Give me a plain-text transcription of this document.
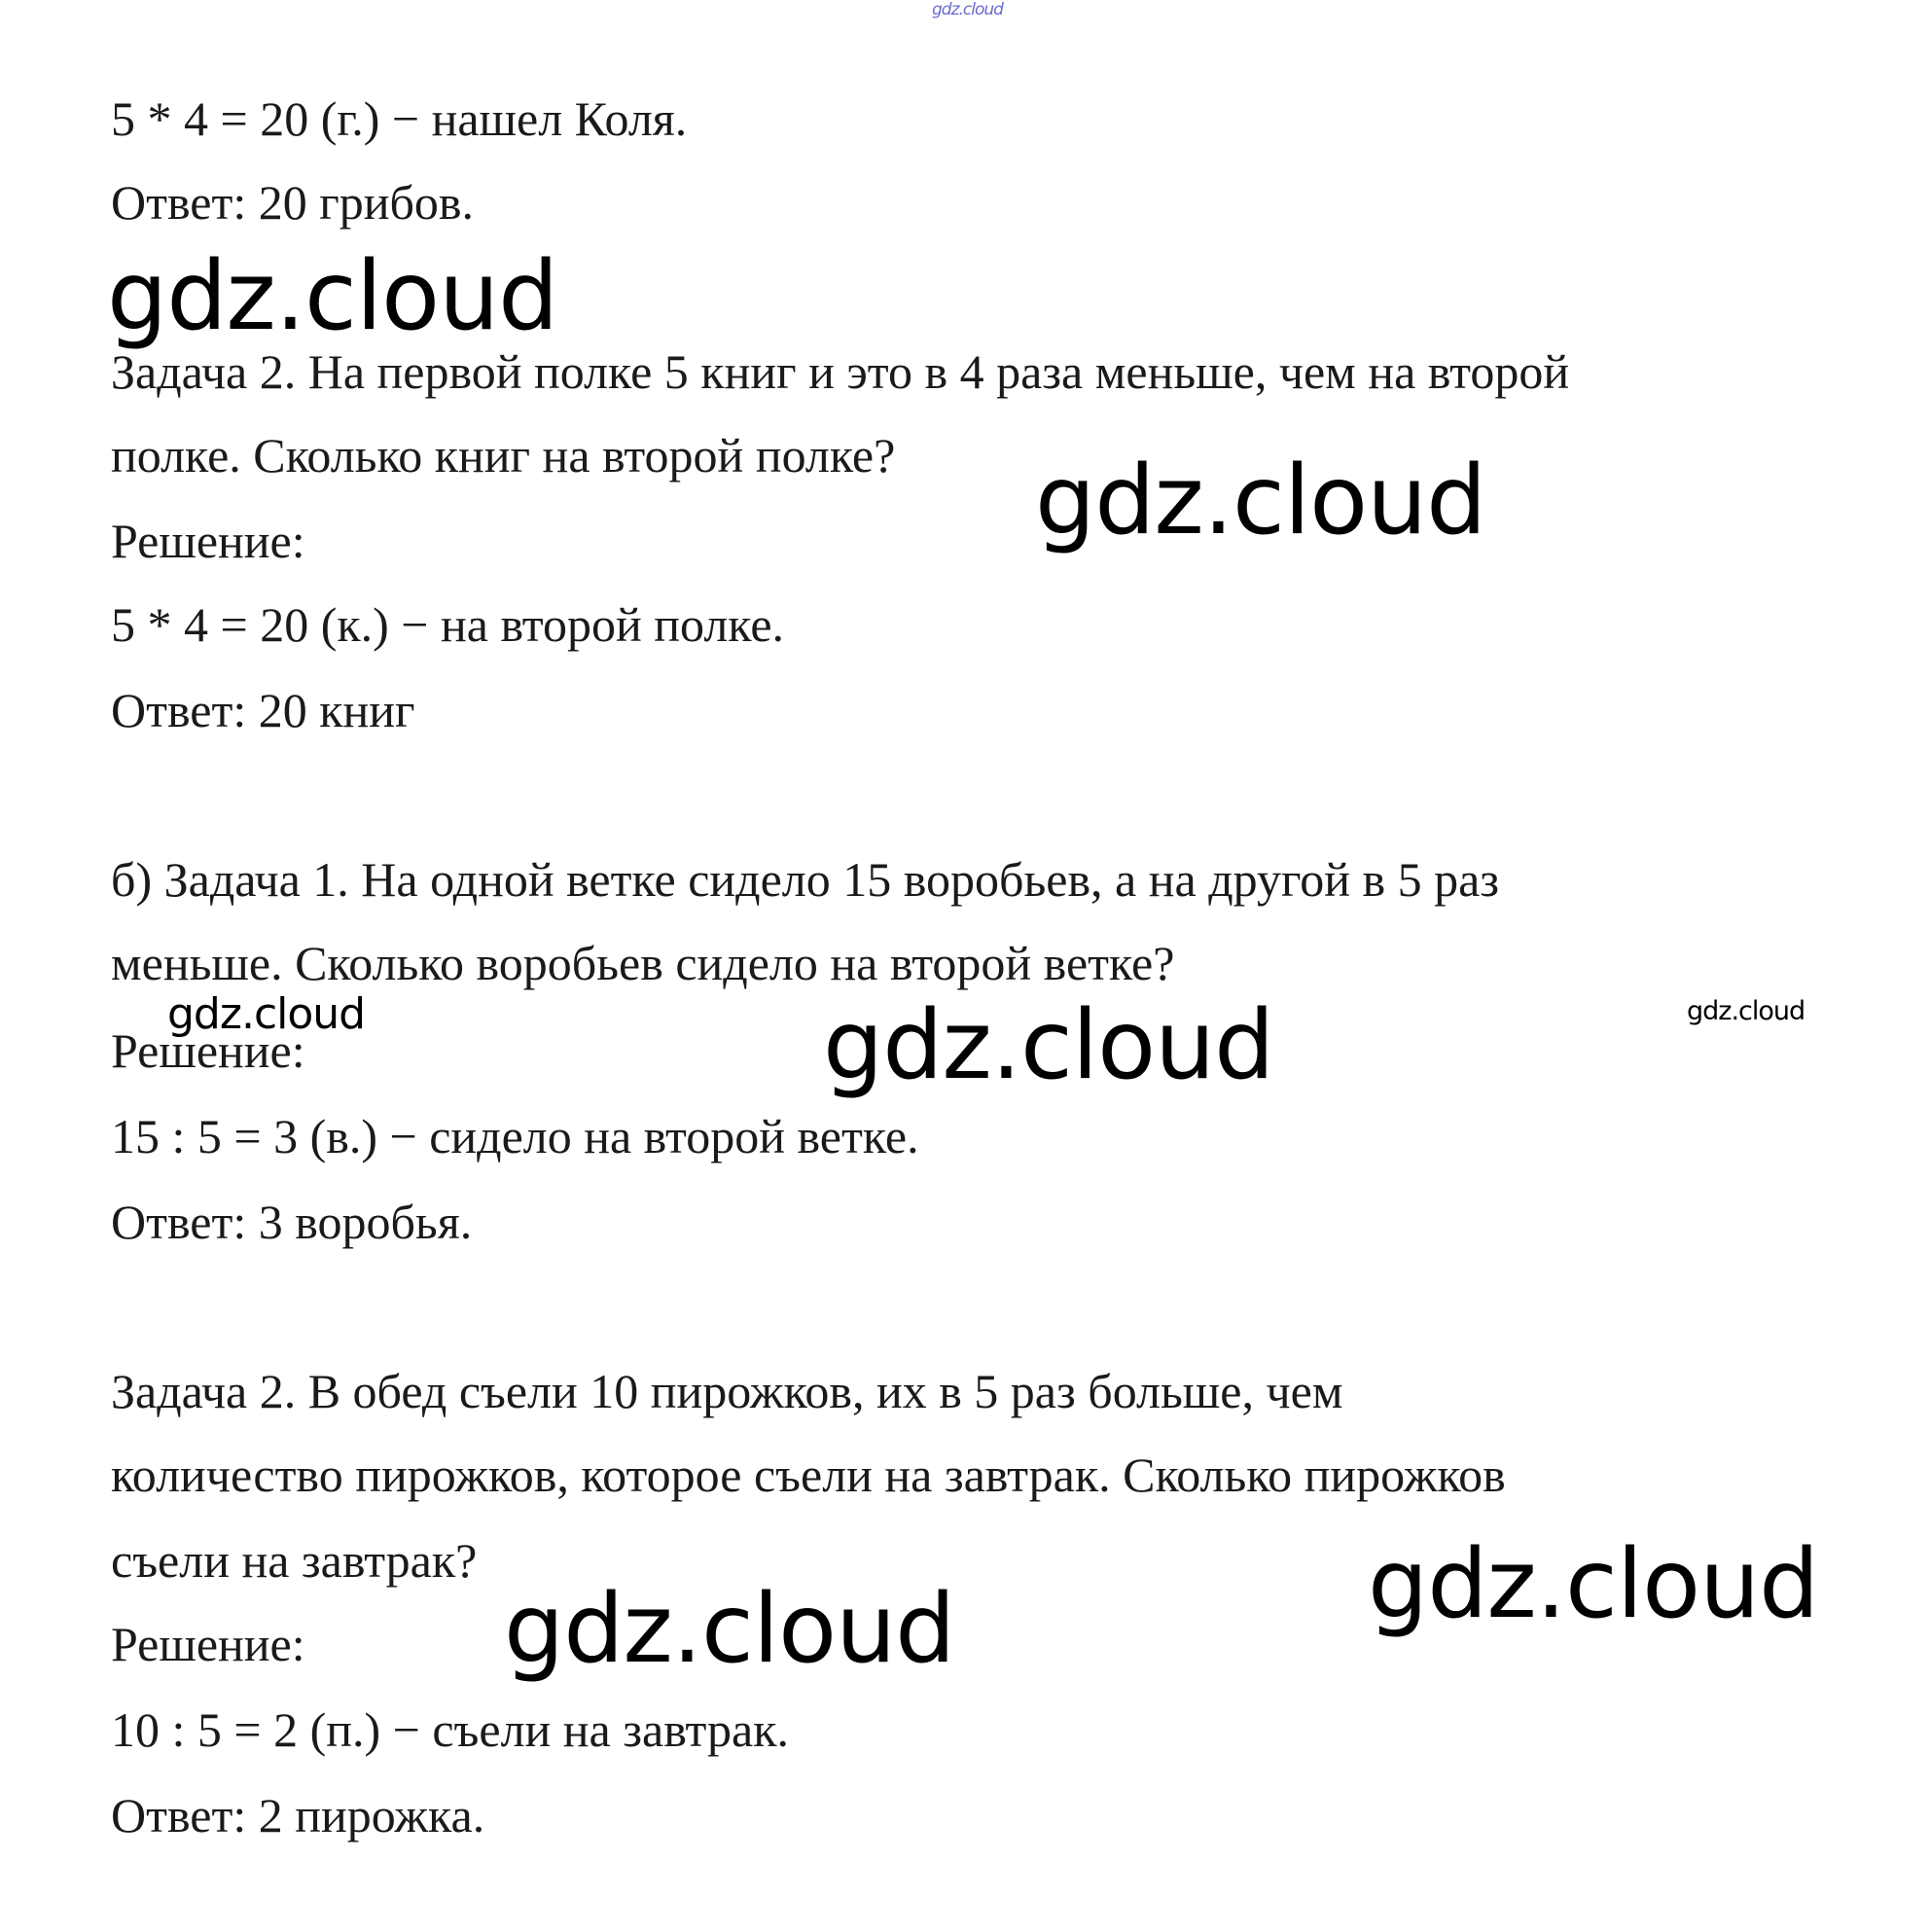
gdz.cloud
5 * 4 = 20 (г.) − нашел Коля.
Ответ: 20 грибов.
gdz.cloud
Задача 2. На первой полке 5 книг и это в 4 раза меньше, чем на второй
полке. Сколько книг на второй полке? gdz.cloud
Решение:
5 * 4 = 20 (к.) − на второй полке.
Ответ: 20 книг
б) Задача 1. На одной ветке сидело 15 воробьев, а на другой в 5 раз
меньше. Сколько воробьев сидело на второй ветке?
gdz.cloud	gdz.cloud	gdz.cloud
Решение:
15 : 5 = 3 (в.) − сидело на второй ветке.
Ответ: 3 воробья.
Задача 2. В обед съели 10 пирожков, их в 5 раз больше, чем
количество пирожков, которое съели на завтрак. Сколько пирожков
съели на завтрак?	gdz.cloud
gdz.cloud
Решение:
10 : 5 = 2 (п.) − съели на завтрак.
Ответ: 2 пирожка.
